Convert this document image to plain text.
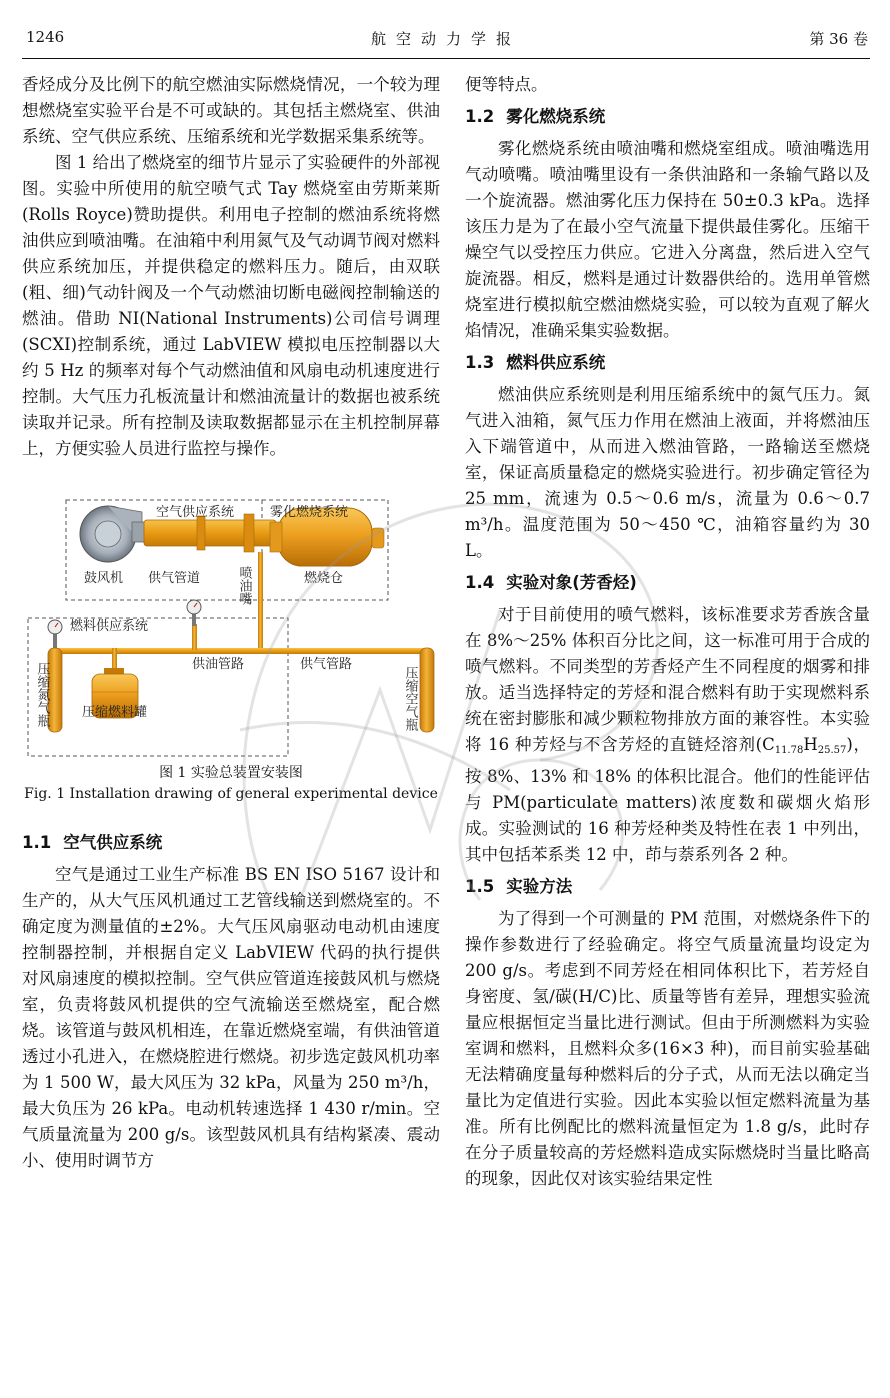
1246	航空动力学报	第 36 卷

香烃成分及比例下的航空燃油实际燃烧情况，一个较为理想燃烧室实验平台是不可或缺的。其包括主燃烧室、供油系统、空气供应系统、压缩系统和光学数据采集系统等。

图 1 给出了燃烧室的细节片显示了实验硬件的外部视图。实验中所使用的航空喷气式 Tay 燃烧室由劳斯莱斯(Rolls Royce)赞助提供。利用电子控制的燃油系统将燃油供应到喷油嘴。在油箱中利用氮气及气动调节阀对燃料供应系统加压，并提供稳定的燃料压力。随后，由双联(粗、细)气动针阀及一个气动燃油切断电磁阀控制输送的燃油。借助 NI(National Instruments)公司信号调理(SCXI)控制系统，通过 LabVIEW 模拟电压控制器以大约 5 Hz 的频率对每个气动燃油值和风扇电动机速度进行控制。大气压力孔板流量计和燃油流量计的数据也被系统读取并记录。所有控制及读取数据都显示在主机控制屏幕上，方便实验人员进行监控与操作。

空气供应系统	雾化燃烧系统
鼓风机 供气管道	燃烧仓
燃料供应系统
供油管路	供气管路
压缩燃料罐
喷油嘴
压缩氮气瓶	压缩空气瓶
图 1 实验总装置安装图
Fig. 1 Installation drawing of general experimental device
1.1 空气供应系统

空气是通过工业生产标准 BS EN ISO 5167 设计和生产的，从大气压风机通过工艺管线输送到燃烧室的。不确定度为测量值的±2%。大气压风扇驱动电动机由速度控制器控制，并根据自定义 LabVIEW 代码的执行提供对风扇速度的模拟控制。空气供应管道连接鼓风机与燃烧室，负责将鼓风机提供的空气流输送至燃烧室，配合燃烧。该管道与鼓风机相连，在靠近燃烧室端，有供油管道透过小孔进入，在燃烧腔进行燃烧。初步选定鼓风机功率为 1 500 W，最大风压为 32 kPa，风量为 250 m³/h，最大负压为 26 kPa。电动机转速选择 1 430 r/min。空气质量流量为 200 g/s。该型鼓风机具有结构紧凑、震动小、使用时调节方

便等特点。

1.2 雾化燃烧系统

雾化燃烧系统由喷油嘴和燃烧室组成。喷油嘴选用气动喷嘴。喷油嘴里设有一条供油路和一条输气路以及一个旋流器。燃油雾化压力保持在 50±0.3 kPa。选择该压力是为了在最小空气流量下提供最佳雾化。压缩干燥空气以受控压力供应。它进入分离盘，然后进入空气旋流器。相反，燃料是通过计数器供给的。选用单管燃烧室进行模拟航空燃油燃烧实验，可以较为直观了解火焰情况，准确采集实验数据。

1.3 燃料供应系统

燃油供应系统则是利用压缩系统中的氮气压力。氮气进入油箱，氮气压力作用在燃油上液面，并将燃油压入下端管道中，从而进入燃油管路，一路输送至燃烧室，保证高质量稳定的燃烧实验进行。初步确定管径为 25 mm，流速为 0.5～0.6 m/s，流量为 0.6～0.7 m³/h。温度范围为 50～450 ℃，油箱容量约为 30 L。

1.4 实验对象(芳香烃)

对于目前使用的喷气燃料，该标准要求芳香族含量在 8%～25% 体积百分比之间，这一标准可用于合成的喷气燃料。不同类型的芳香烃产生不同程度的烟雾和排放。适当选择特定的芳烃和混合燃料有助于实现燃料系统在密封膨胀和减少颗粒物排放方面的兼容性。本实验将 16 种芳烃与不含芳烃的直链烃溶剂$(C_{11.78}H_{25.57})$，按 8%、13% 和 18% 的体积比混合。他们的性能评估与 PM(particulate matters)浓度数和碳烟火焰形成。实验测试的 16 种芳烃种类及特性在表 1 中列出，其中包括苯系类 12 中，茚与萘系列各 2 种。

1.5 实验方法

为了得到一个可测量的 PM 范围，对燃烧条件下的操作参数进行了经验确定。将空气质量流量均设定为 200 g/s。考虑到不同芳烃在相同体积比下，若芳烃自身密度、氢/碳(H/C)比、质量等皆有差异，理想实验流量应根据恒定当量比进行测试。但由于所测燃料为实验室调和燃料，且燃料众多(16×3 种)，而目前实验基础无法精确度量每种燃料后的分子式，从而无法以确定当量比为定值进行实验。因此本实验以恒定燃料流量为基准。所有比例配比的燃料流量恒定为 1.8 g/s，此时存在分子质量较高的芳烃燃料造成实际燃烧时当量比略高的现象，因此仅对该实验结果定性
